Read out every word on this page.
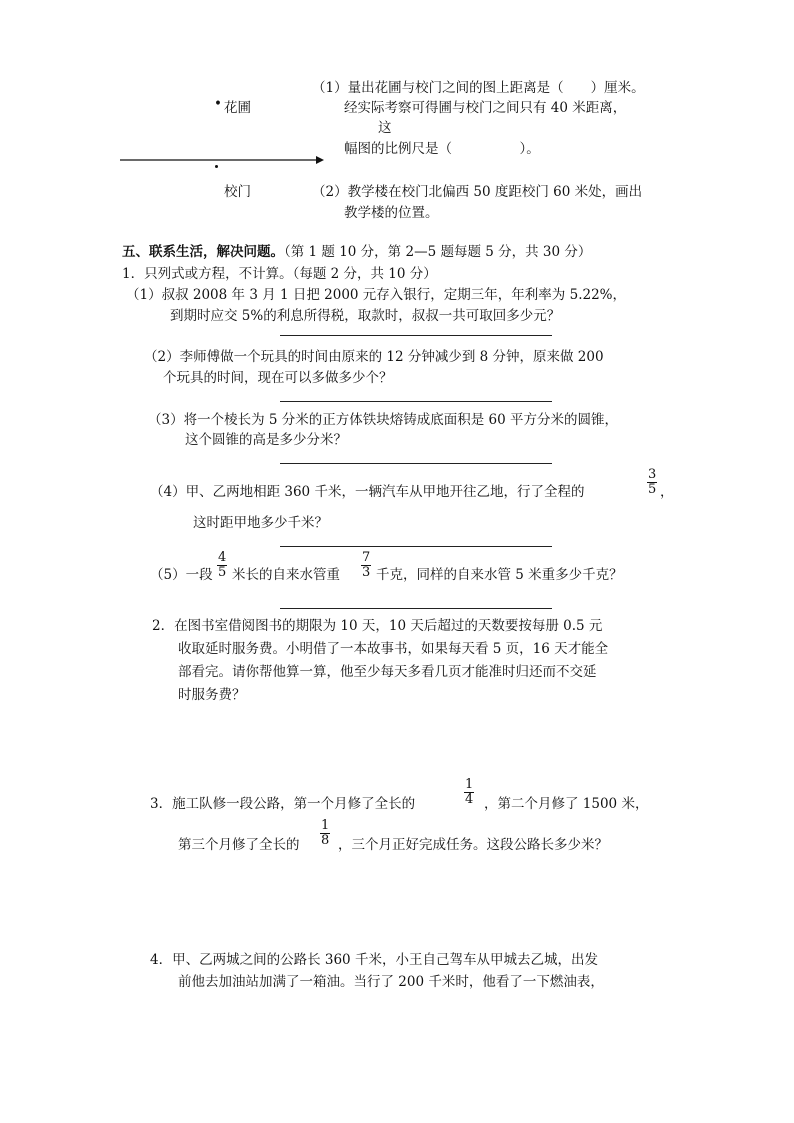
• 花圃
校门
（1）量出花圃与校门之间的图上距离是（　　）厘米。
经实际考察可得圃与校门之间只有 40 米距离，
这
幅图的比例尺是（　　　　　）。
（2）教学楼在校门北偏西 50 度距校门 60 米处，画出
教学楼的位置。
五、联系生活，解决问题。（第 1 题 10 分，第 2—5 题每题 5 分，共 30 分）
1．只列式或方程，不计算。（每题 2 分，共 10 分）
（1）叔叔 2008 年 3 月 1 日把 2000 元存入银行，定期三年，年利率为 5.22%，
到期时应交 5%的利息所得税，取款时，叔叔一共可取回多少元？
（2）李师傅做一个玩具的时间由原来的 12 分钟减少到 8 分钟，原来做 200
个玩具的时间，现在可以多做多少个？
（3）将一个棱长为 5 分米的正方体铁块熔铸成底面积是 60 平方分米的圆锥，
这个圆锥的高是多少分米？
（4）甲、乙两地相距 360 千米，一辆汽车从甲地开往乙地，行了全程的	$\frac{3}{5}$ ，
这时距甲地多少千米？
（5）一段 $\frac{4}{5}$ 米长的自来水管重 $\frac{7}{3}$ 千克，同样的自来水管 5 米重多少千克？
2．在图书室借阅图书的期限为 10 天，10 天后超过的天数要按每册 0.5 元
收取延时服务费。小明借了一本故事书，如果每天看 5 页，16 天才能全
部看完。请你帮他算一算，他至少每天多看几页才能准时归还而不交延
时服务费？
3．施工队修一段公路，第一个月修了全长的	$\frac{1}{4}$ ，第二个月修了 1500 米，
第三个月修了全长的 $\frac{1}{8}$ ，三个月正好完成任务。这段公路长多少米？
4．甲、乙两城之间的公路长 360 千米，小王自己驾车从甲城去乙城，出发
前他去加油站加满了一箱油。当行了 200 千米时，他看了一下燃油表，
